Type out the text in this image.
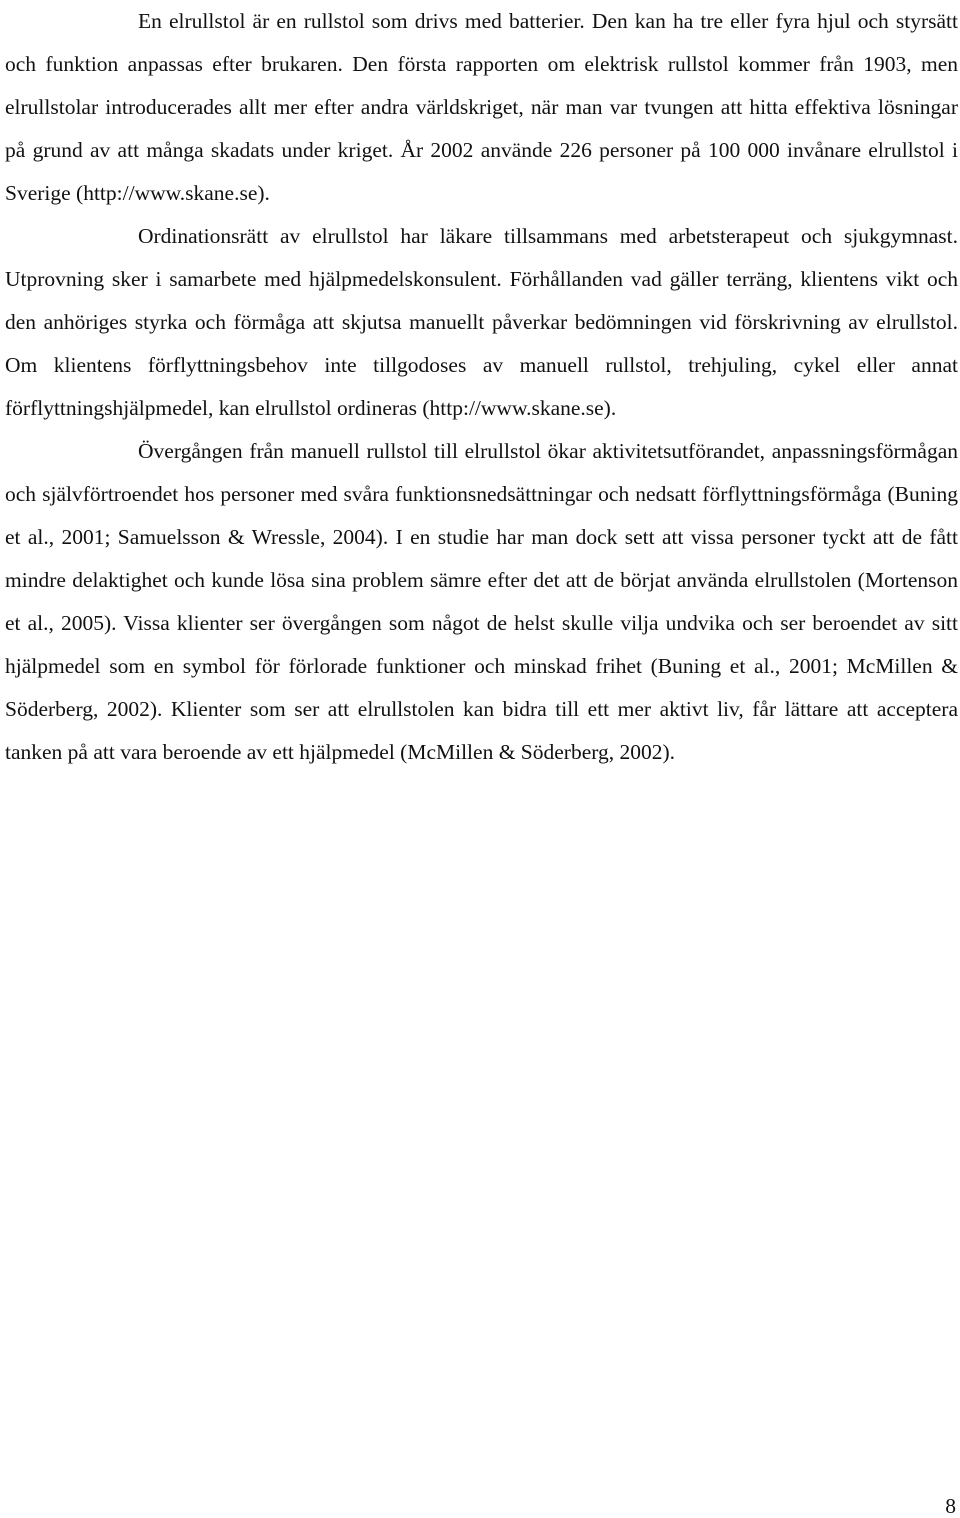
En elrullstol är en rullstol som drivs med batterier. Den kan ha tre eller fyra hjul och styrsätt och funktion anpassas efter brukaren. Den första rapporten om elektrisk rullstol kommer från 1903, men elrullstolar introducerades allt mer efter andra världskriget, när man var tvungen att hitta effektiva lösningar på grund av att många skadats under kriget. År 2002 använde 226 personer på 100 000 invånare elrullstol i Sverige (http://www.skane.se).

Ordinationsrätt av elrullstol har läkare tillsammans med arbetsterapeut och sjukgymnast. Utprovning sker i samarbete med hjälpmedelskonsulent. Förhållanden vad gäller terräng, klientens vikt och den anhöriges styrka och förmåga att skjutsa manuellt påverkar bedömningen vid förskrivning av elrullstol. Om klientens förflyttningsbehov inte tillgodoses av manuell rullstol, trehjuling, cykel eller annat förflyttningshjälpmedel, kan elrullstol ordineras (http://www.skane.se).

Övergången från manuell rullstol till elrullstol ökar aktivitetsutförandet, anpassningsförmågan och självförtroendet hos personer med svåra funktionsnedsättningar och nedsatt förflyttningsförmåga (Buning et al., 2001; Samuelsson & Wressle, 2004). I en studie har man dock sett att vissa personer tyckt att de fått mindre delaktighet och kunde lösa sina problem sämre efter det att de börjat använda elrullstolen (Mortenson et al., 2005). Vissa klienter ser övergången som något de helst skulle vilja undvika och ser beroendet av sitt hjälpmedel som en symbol för förlorade funktioner och minskad frihet (Buning et al., 2001; McMillen & Söderberg, 2002). Klienter som ser att elrullstolen kan bidra till ett mer aktivt liv, får lättare att acceptera tanken på att vara beroende av ett hjälpmedel (McMillen & Söderberg, 2002).

8
